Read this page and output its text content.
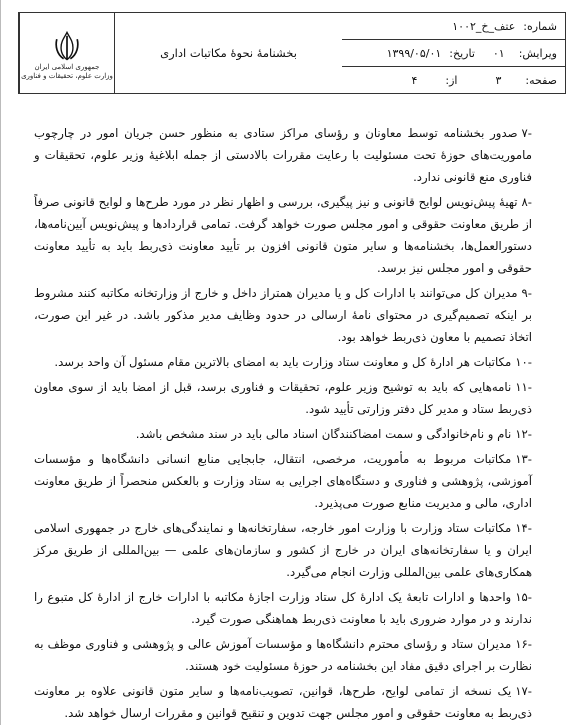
شماره:
عتف_خ_۱۰۰۲
ویرایش:
۰۱
تاریخ:
۱۳۹۹/۰۵/۰۱
صفحه:
۳
از:
۴
بخشنامهٔ نحوهٔ مکاتبات اداری
جمهوری اسلامی ایران
وزارت علوم، تحقیقات و فناوری

-۷صدور بخشنامه توسط معاونان و رؤسای مراکز ستادی به منظور حسن جریان امور در چارچوب ماموریت‌های حوزهٔ تحت مسئولیت با رعایت مقررات بالادستی از جمله ابلاغیهٔ وزیر علوم، تحقیقات و فناوری منع قانونی ندارد.

-۸تهیهٔ پیش‌نویس لوایح قانونی و نیز پیگیری، بررسی و اظهار نظر در مورد طرح‌ها و لوایح قانونی صرفاً از طریق معاونت حقوقی و امور مجلس صورت خواهد گرفت. تمامی قراردادها و پیش‌نویس آیین‌نامه‌ها، دستورالعمل‌ها، بخشنامه‌ها و سایر متون قانونی افزون بر تأیید معاونت ذی‌ربط باید به تأیید معاونت حقوقی و امور مجلس نیز برسد.

-۹مدیران کل می‌توانند با ادارات کل و یا مدیران همتراز داخل و خارج از وزارتخانه مکاتبه کنند مشروط بر اینکه تصمیم‌گیری در محتوای نامهٔ ارسالی در حدود وظایف مدیر مذکور باشد. در غیر این صورت، اتخاذ تصمیم با معاون ذی‌ربط خواهد بود.

-۱۰مکاتبات هر ادارهٔ کل و معاونت ستاد وزارت باید به امضای بالاترین مقام مسئول آن واحد برسد.

-۱۱نامه‌هایی که باید به توشیح وزیر علوم، تحقیقات و فناوری برسد، قبل از امضا باید از سوی معاون ذی‌ربط ستاد و مدیر کل دفتر وزارتی تأیید شود.

-۱۲نام و نام‌خانوادگی و سمت امضاکنندگان اسناد مالی باید در سند مشخص باشد.

-۱۳مکاتبات مربوط به مأموریت، مرخصی، انتقال، جابجایی منابع انسانی دانشگاه‌ها و مؤسسات آموزشی، پژوهشی و فناوری و دستگاه‌های اجرایی به ستاد وزارت و بالعکس منحصراً از طریق معاونت اداری، مالی و مدیریت منابع صورت می‌پذیرد.

-۱۴مکاتبات ستاد وزارت با وزارت امور خارجه، سفارتخانه‌ها و نمایندگی‌های خارج در جمهوری اسلامی ایران و یا سفارتخانه‌های ایران در خارج از کشور و سازمان‌های علمی — بین‌المللی از طریق مرکز همکاری‌های علمی بین‌المللی وزارت انجام می‌گیرد.

-۱۵واحدها و ادارات تابعهٔ یک ادارهٔ کل ستاد وزارت اجازهٔ مکاتبه با ادارات خارج از ادارهٔ کل متبوع را ندارند و در موارد ضروری باید با معاونت ذی‌ربط هماهنگی صورت گیرد.

-۱۶مدیران ستاد و رؤسای محترم دانشگاه‌ها و مؤسسات آموزش عالی و پژوهشی و فناوری موظف به نظارت بر اجرای دقیق مفاد این بخشنامه در حوزهٔ مسئولیت خود هستند.

-۱۷یک نسخه از تمامی لوایح، طرح‌ها، قوانین، تصویب‌نامه‌ها و سایر متون قانونی علاوه بر معاونت ذی‌ربط به معاونت حقوقی و امور مجلس جهت تدوین و تنقیح قوانین و مقررات ارسال خواهد شد.
